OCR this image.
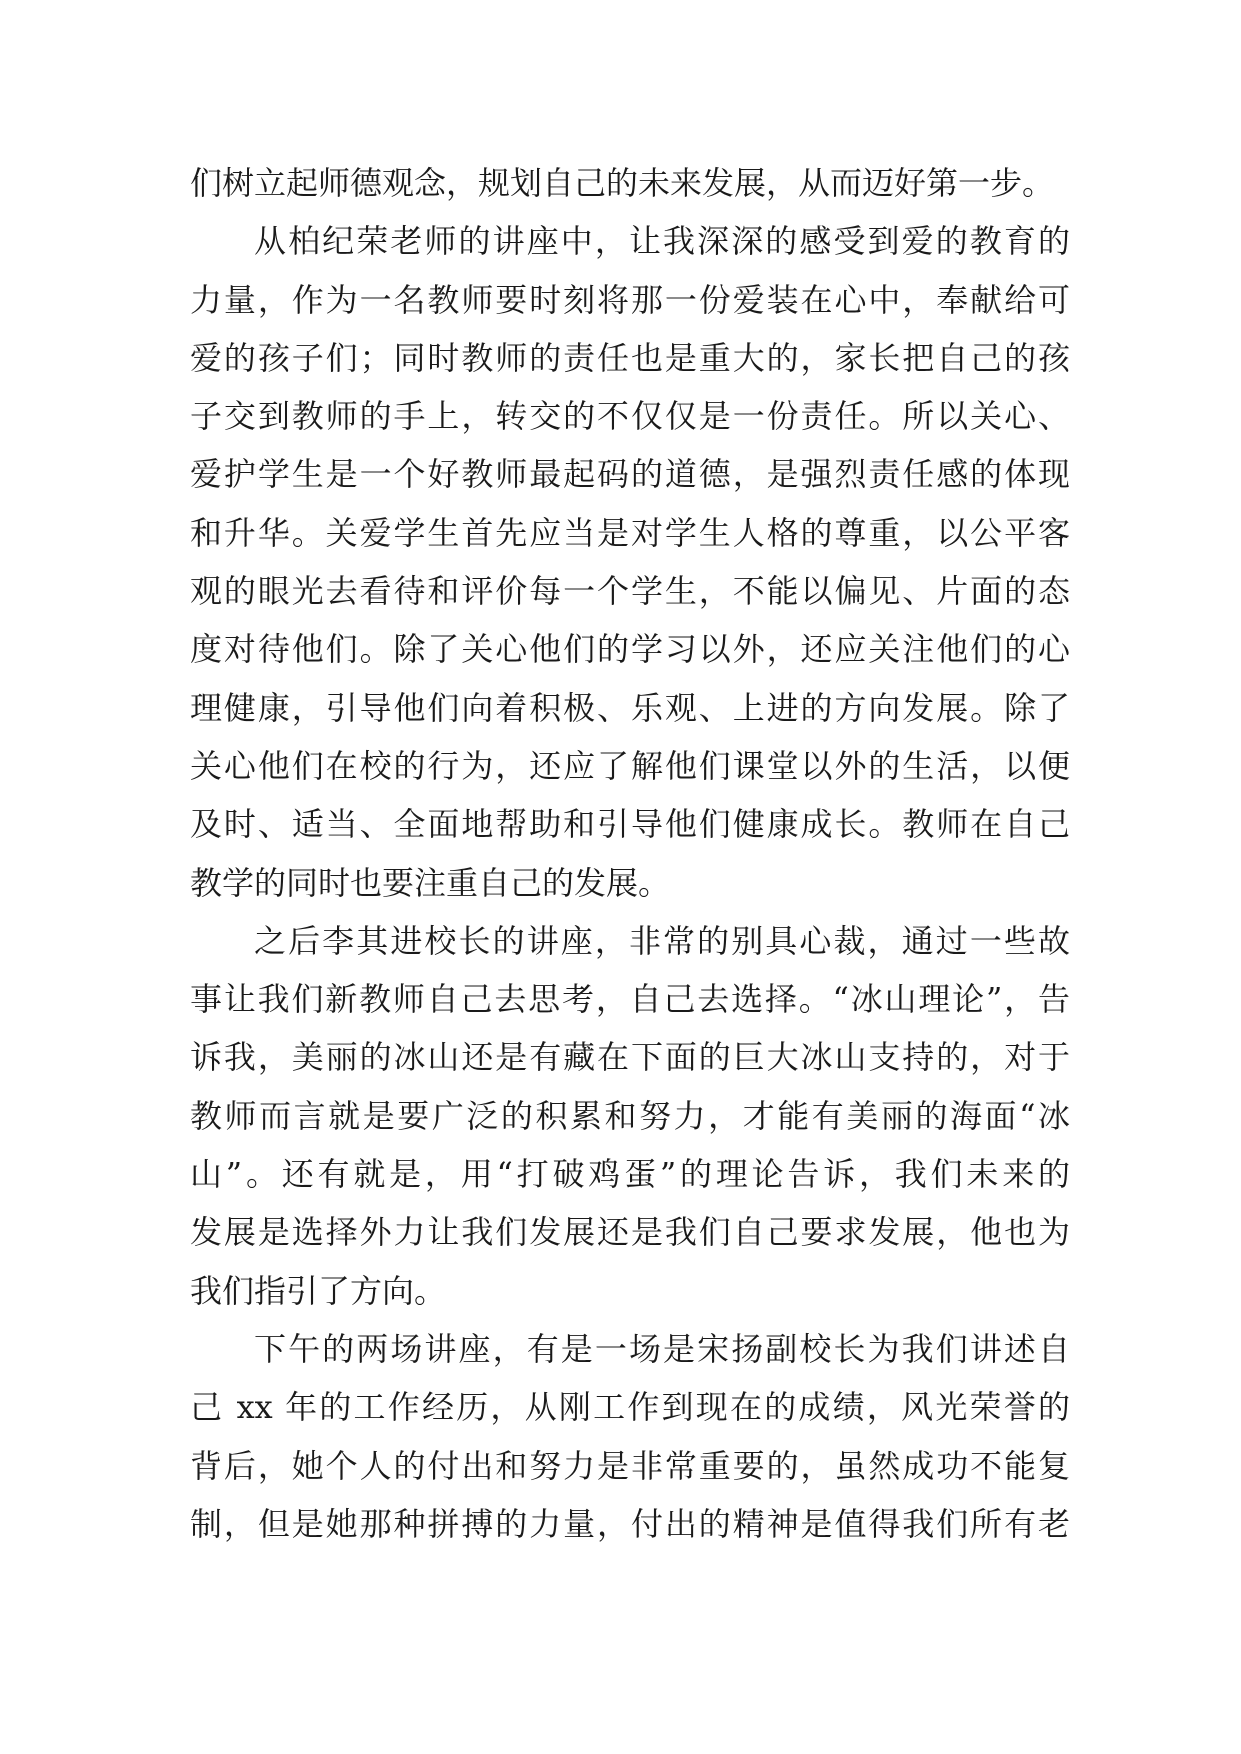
们树立起师德观念，规划自己的未来发展，从而迈好第一步。
从柏纪荣老师的讲座中，让我深深的感受到爱的教育的
力量，作为一名教师要时刻将那一份爱装在心中，奉献给可
爱的孩子们；同时教师的责任也是重大的，家长把自己的孩
子交到教师的手上，转交的不仅仅是一份责任。所以关心、
爱护学生是一个好教师最起码的道德，是强烈责任感的体现
和升华。关爱学生首先应当是对学生人格的尊重，以公平客
观的眼光去看待和评价每一个学生，不能以偏见、片面的态
度对待他们。除了关心他们的学习以外，还应关注他们的心
理健康，引导他们向着积极、乐观、上进的方向发展。除了
关心他们在校的行为，还应了解他们课堂以外的生活，以便
及时、适当、全面地帮助和引导他们健康成长。教师在自己
教学的同时也要注重自己的发展。
之后李其进校长的讲座，非常的别具心裁，通过一些故
事让我们新教师自己去思考，自己去选择。“冰山理论”，告
诉我，美丽的冰山还是有藏在下面的巨大冰山支持的，对于
教师而言就是要广泛的积累和努力，才能有美丽的海面“冰
山”。还有就是，用“打破鸡蛋”的理论告诉，我们未来的
发展是选择外力让我们发展还是我们自己要求发展，他也为
我们指引了方向。
下午的两场讲座，有是一场是宋扬副校长为我们讲述自
己 xx 年的工作经历，从刚工作到现在的成绩，风光荣誉的
背后，她个人的付出和努力是非常重要的，虽然成功不能复
制，但是她那种拼搏的力量，付出的精神是值得我们所有老
